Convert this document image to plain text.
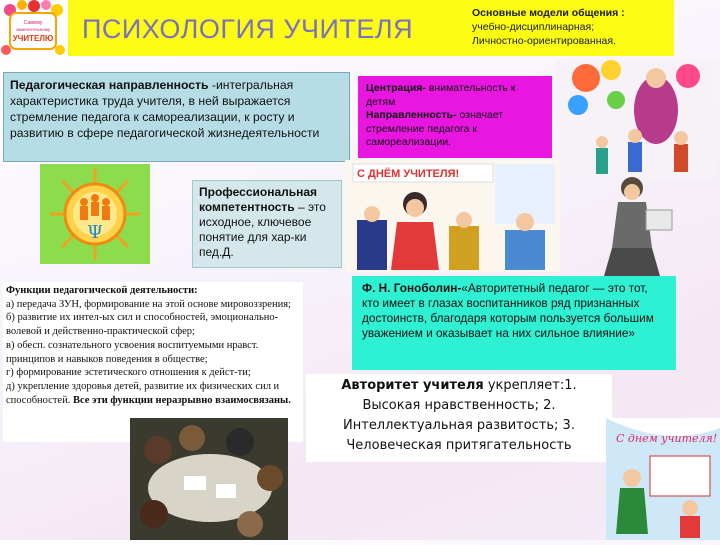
Самому
замечательному
УЧИТЕЛЮ ПСИХОЛОГИЯ УЧИТЕЛЯ
Основные модели общения :
учебно-дисциплинарная;
Личностно-ориентированная.
Педагогическая направленность -интегральная характеристика труда учителя, в ней выражается стремление педагога к самореализации, к росту и развитию в сфере педагогической жизнедеятельности
Центрация- внимательность к детям
Направленность- означает стремление педагога к самореализации.
Ψ
Профессиональная компетентность – это исходное, ключевое понятие для хар-ки пед.Д.
С ДНЁМ УЧИТЕЛЯ!
Функции педагогической деятельности:
а) передача ЗУН, формирование на этой основе мировоззрения;
б) развитие их интел-ых сил и способностей, эмоционально-волевой и действенно-практической сфер;
в) обесп. сознательного усвоения воспитуемыми нравст. принципов и навыков поведения в обществе;
г) формирование эстетического отношения к дейст-ти;
д) укрепление здоровья детей, развитие их физических сил и способностей. Все эти функции неразрывно взаимосвязаны.
Ф. Н. Гоноболин-«Авторитетный педагог — это тот, кто имеет в глазах воспитанников ряд признанных достоинств, благодаря которым пользуется большим уважением и оказывает на них сильное влияние»
Авторитет учителя укрепляет:1. Высокая нравственность; 2. Интеллектуальная развитость; 3. Человеческая притягательность	С днем учителя!
